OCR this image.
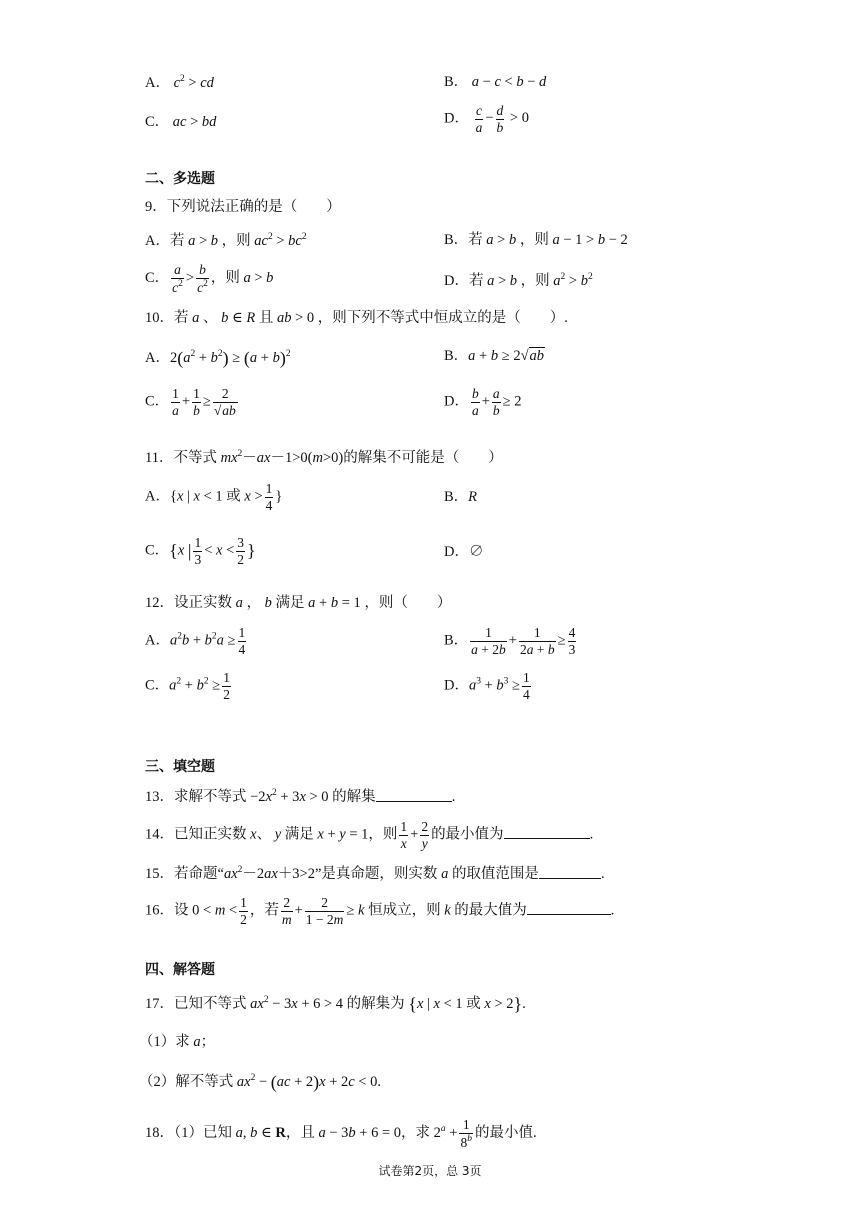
A． $c^2$ > cd	B． a − c < b − d
C． ac > bd	D． $\frac{c}{a} - \frac{d}{b} > 0$
二、多选题
9．下列说法正确的是（　　）
A．若 a > b ，则 $ac^2 > bc^2$	B．若 a > b ，则 a − 1 > b − 2
C． $\frac{a}{c^2} > \frac{b}{c^2}$ ，则 a > b	D．若 a > b ，则 $a^2 > b^2$
10．若 a 、 b ∈ R 且 ab > 0 ，则下列不等式中恒成立的是（　　）.
A．$2(a^2 + b^2) \ge (a + b)^2$	B．a + b ≥ 2√ab
C． $\frac{1}{a} + \frac{1}{b} \ge \frac{2}{√ab}$	D． $\frac{b}{a} + \frac{a}{b} \ge 2$
11．不等式 $mx^2-ax-1>0(m>0)$的解集不可能是（　　）
A．{x | x < 1 或 $x > \frac{1}{4}$ }	B．R
C．{x | $\frac{1}{3} < x < \frac{3}{2}$ }	D．∅
12．设正实数 a ， b 满足 a + b = 1 ，则（　　）
A．$a^2b + b^2a \ge \frac{1}{4}$	B． $\frac{1}{a + 2b} + \frac{1}{2a + b} \ge \frac{4}{3}$
C．$a^2 + b^2 \ge \frac{1}{2}$	D．$a^3 + b^3 \ge \frac{1}{4}$
三、填空题
13．求解不等式 $-2x^2 + 3x > 0$ 的解集	.
14．已知正实数 x、 y 满足 x + y = 1，则 $\frac{1}{x} + \frac{2}{y}$ 的最小值为	.
15．若命题“$ax^2-2ax+3>2$”是真命题，则实数 a 的取值范围是	.
16．设 $0 < m < \frac{1}{2}$ ，若 $\frac{2}{m} + \frac{2}{1 - 2m} \ge k$ 恒成立，则 k 的最大值为	.
四、解答题
17．已知不等式 $ax^2 - 3x + 6 > 4$ 的解集为 {x | x < 1 或 x > 2}.
（1）求 a；
（2）解不等式 $ax^2 - (ac + 2)x + 2c < 0$.
18．（1）已知 a, b ∈ R，且 a − 3b + 6 = 0，求 $2^a + \frac{1}{8^b}$ 的最小值.
试卷第2页，总 3页
